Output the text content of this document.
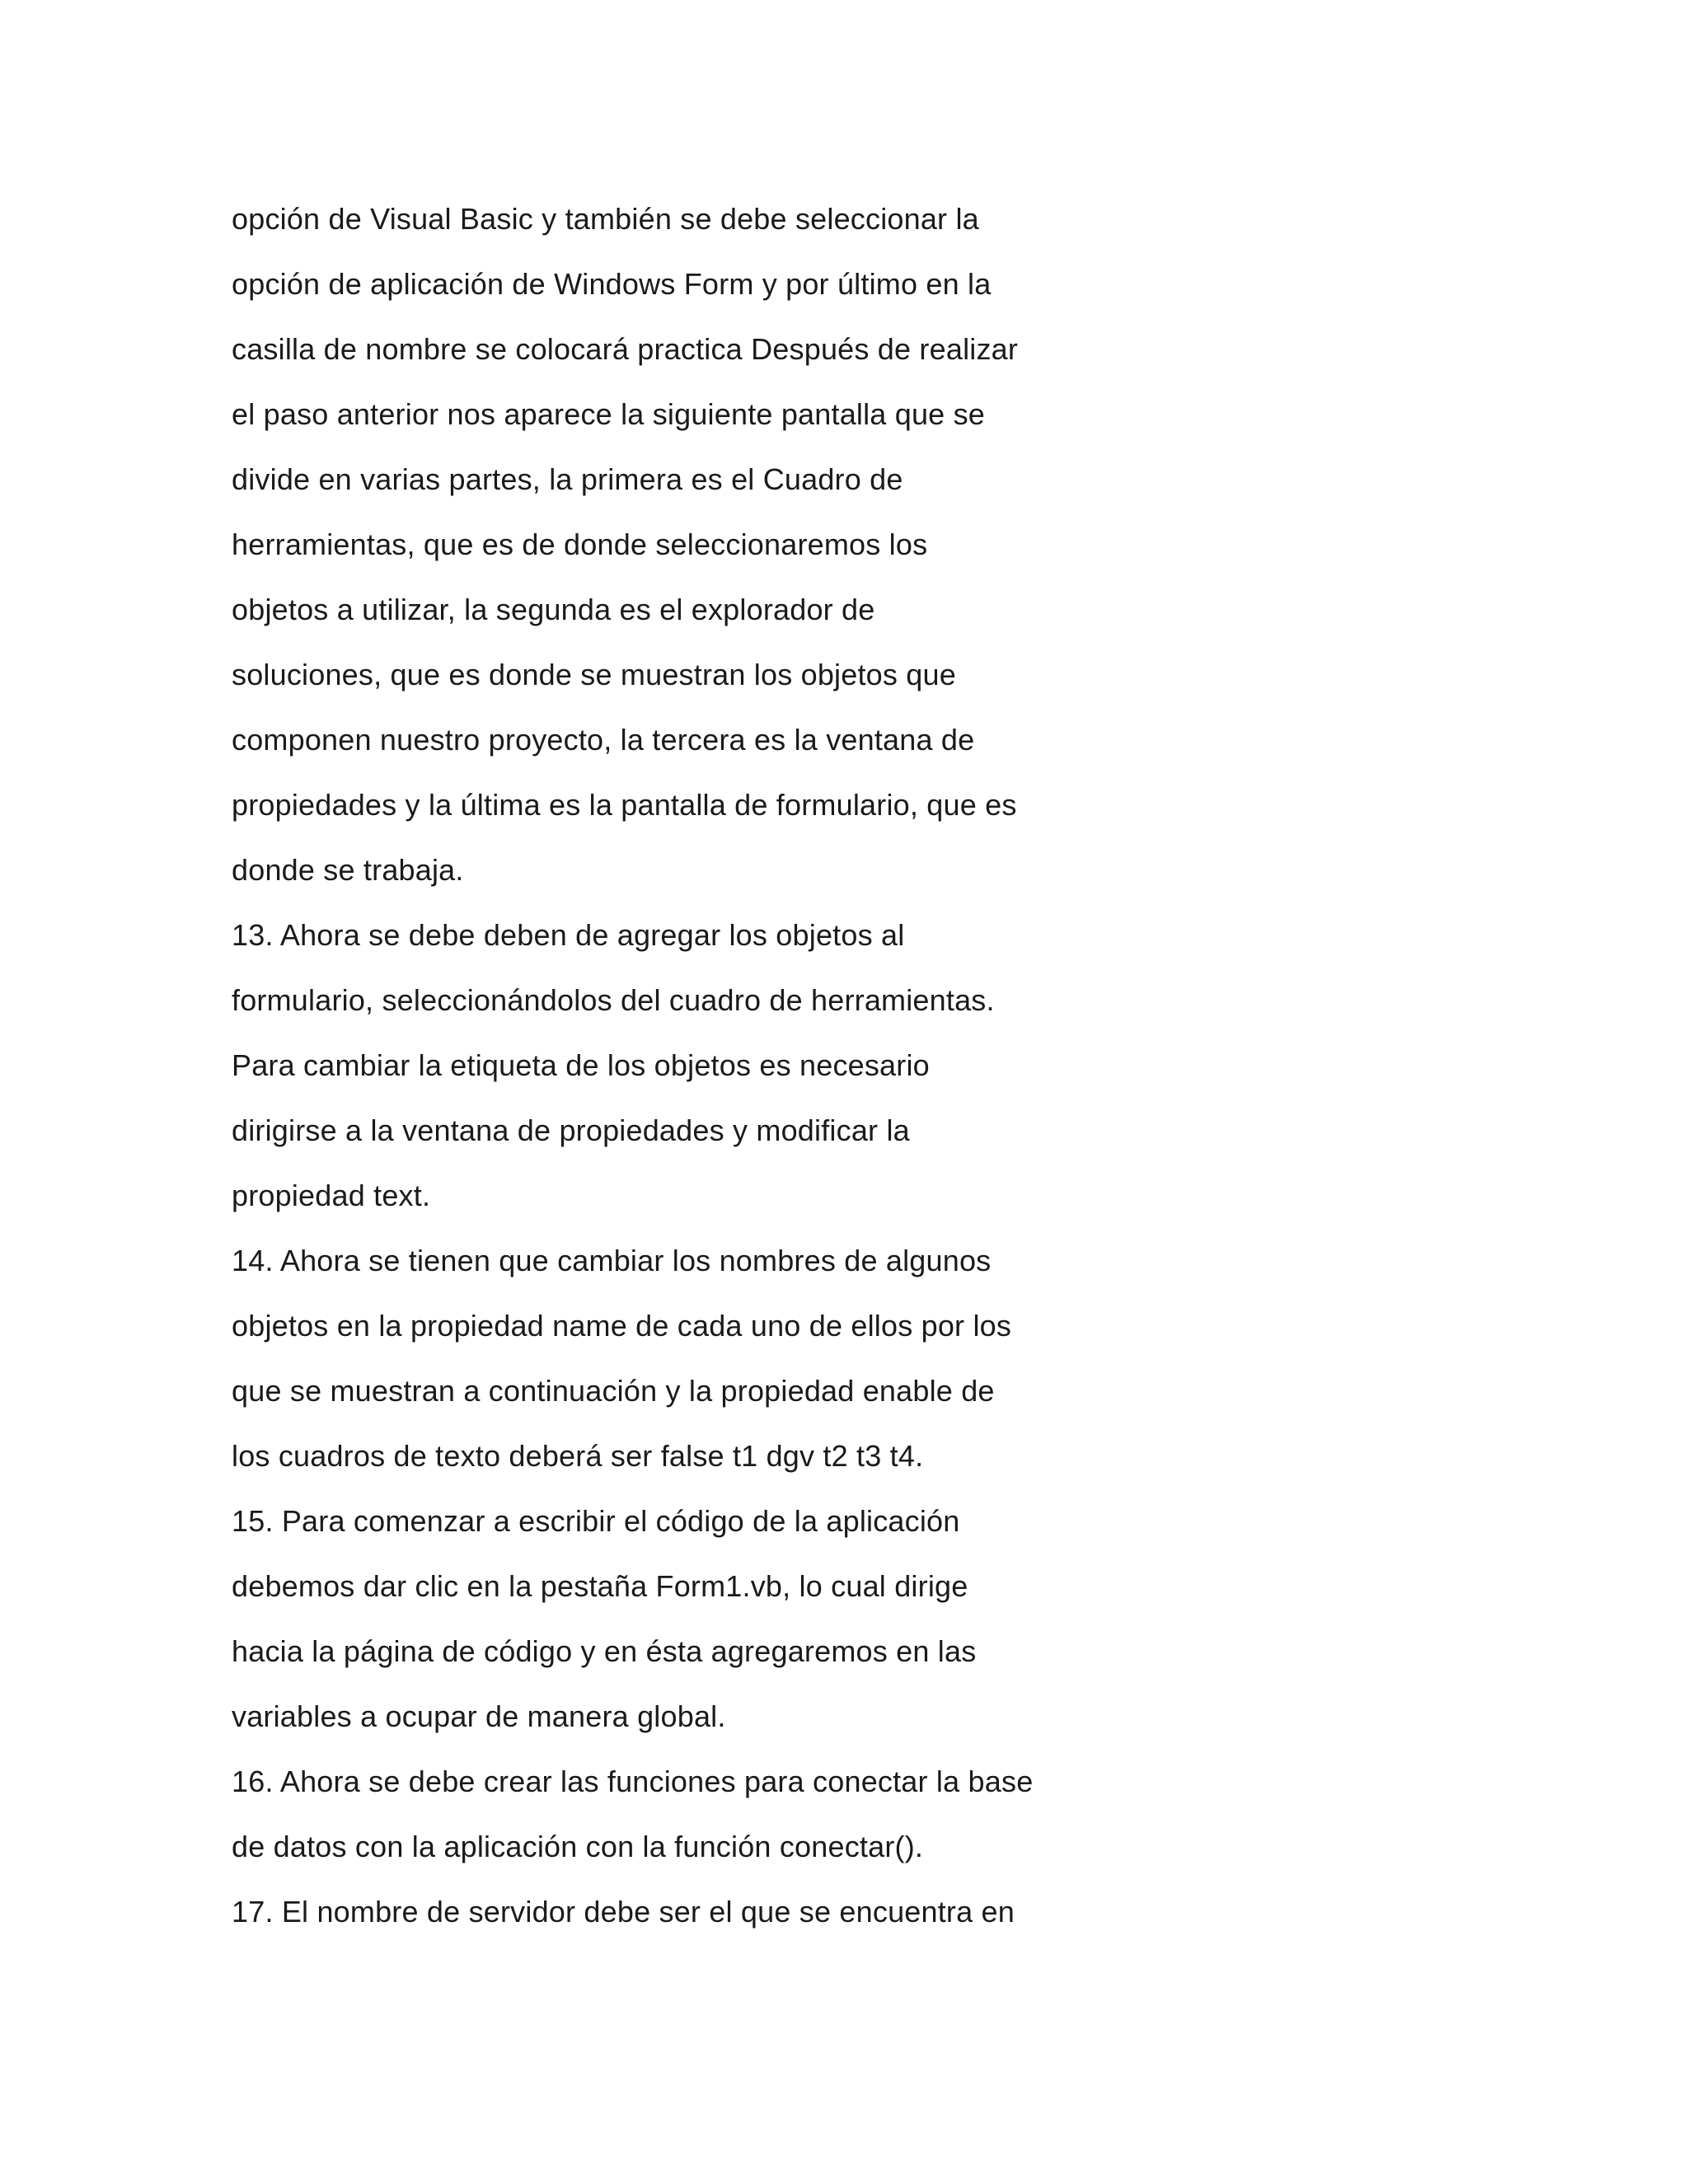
opción de Visual Basic y también se debe seleccionar la
opción de aplicación de Windows Form y por último en la
casilla de nombre se colocará practica Después de realizar
el paso anterior nos aparece la siguiente pantalla que se
divide en varias partes, la primera es el Cuadro de
herramientas, que es de donde seleccionaremos los
objetos a utilizar, la segunda es el explorador de
soluciones, que es donde se muestran los objetos que
componen nuestro proyecto, la tercera es la ventana de
propiedades y la última es la pantalla de formulario, que es
donde se trabaja.
13. Ahora se debe deben de agregar los objetos al
formulario, seleccionándolos del cuadro de herramientas.
Para cambiar la etiqueta de los objetos es necesario
dirigirse a la ventana de propiedades y modificar la
propiedad text.
14. Ahora se tienen que cambiar los nombres de algunos
objetos en la propiedad name de cada uno de ellos por los
que se muestran a continuación y la propiedad enable de
los cuadros de texto deberá ser false t1 dgv t2 t3 t4.
15. Para comenzar a escribir el código de la aplicación
debemos dar clic en la pestaña Form1.vb, lo cual dirige
hacia la página de código y en ésta agregaremos en las
variables a ocupar de manera global.
16. Ahora se debe crear las funciones para conectar la base
de datos con la aplicación con la función conectar().
17. El nombre de servidor debe ser el que se encuentra en
